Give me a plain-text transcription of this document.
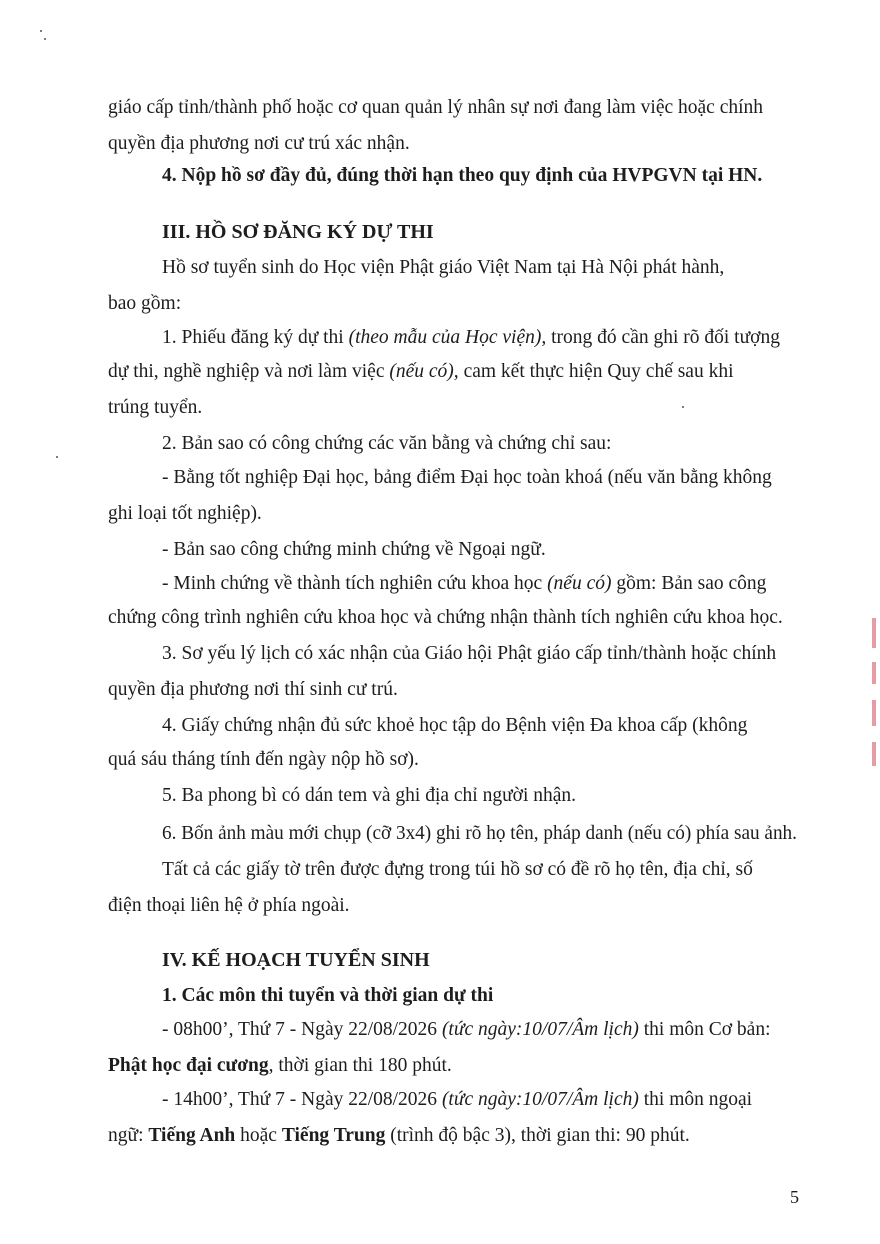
giáo cấp tỉnh/thành phố hoặc cơ quan quản lý nhân sự nơi đang làm việc hoặc chính
quyền địa phương nơi cư trú xác nhận.
4. Nộp hồ sơ đầy đủ, đúng thời hạn theo quy định của HVPGVN tại HN.
III. HỒ SƠ ĐĂNG KÝ DỰ THI
Hồ sơ tuyển sinh do Học viện Phật giáo Việt Nam tại Hà Nội phát hành,
bao gồm:
1. Phiếu đăng ký dự thi (theo mẫu của Học viện), trong đó cần ghi rõ đối tượng
dự thi, nghề nghiệp và nơi làm việc (nếu có), cam kết thực hiện Quy chế sau khi
trúng tuyển.
2. Bản sao có công chứng các văn bằng và chứng chỉ sau:
- Bằng tốt nghiệp Đại học, bảng điểm Đại học toàn khoá (nếu văn bằng không
ghi loại tốt nghiệp).
- Bản sao công chứng minh chứng về Ngoại ngữ.
- Minh chứng về thành tích nghiên cứu khoa học (nếu có) gồm: Bản sao công
chứng công trình nghiên cứu khoa học và chứng nhận thành tích nghiên cứu khoa học.
3. Sơ yếu lý lịch có xác nhận của Giáo hội Phật giáo cấp tỉnh/thành hoặc chính
quyền địa phương nơi thí sinh cư trú.
4. Giấy chứng nhận đủ sức khoẻ học tập do Bệnh viện Đa khoa cấp (không
quá sáu tháng tính đến ngày nộp hồ sơ).
5. Ba phong bì có dán tem và ghi địa chỉ người nhận.
6. Bốn ảnh màu mới chụp (cỡ 3x4) ghi rõ họ tên, pháp danh (nếu có) phía sau ảnh.
Tất cả các giấy tờ trên được đựng trong túi hồ sơ có đề rõ họ tên, địa chỉ, số
điện thoại liên hệ ở phía ngoài.
IV. KẾ HOẠCH TUYỂN SINH
1. Các môn thi tuyển và thời gian dự thi
- 08h00’, Thứ 7 - Ngày 22/08/2026 (tức ngày:10/07/Âm lịch) thi môn Cơ bản:
Phật học đại cương, thời gian thi 180 phút.
- 14h00’, Thứ 7 - Ngày 22/08/2026 (tức ngày:10/07/Âm lịch) thi môn ngoại
ngữ: Tiếng Anh hoặc Tiếng Trung (trình độ bậc 3), thời gian thi: 90 phút.
5
